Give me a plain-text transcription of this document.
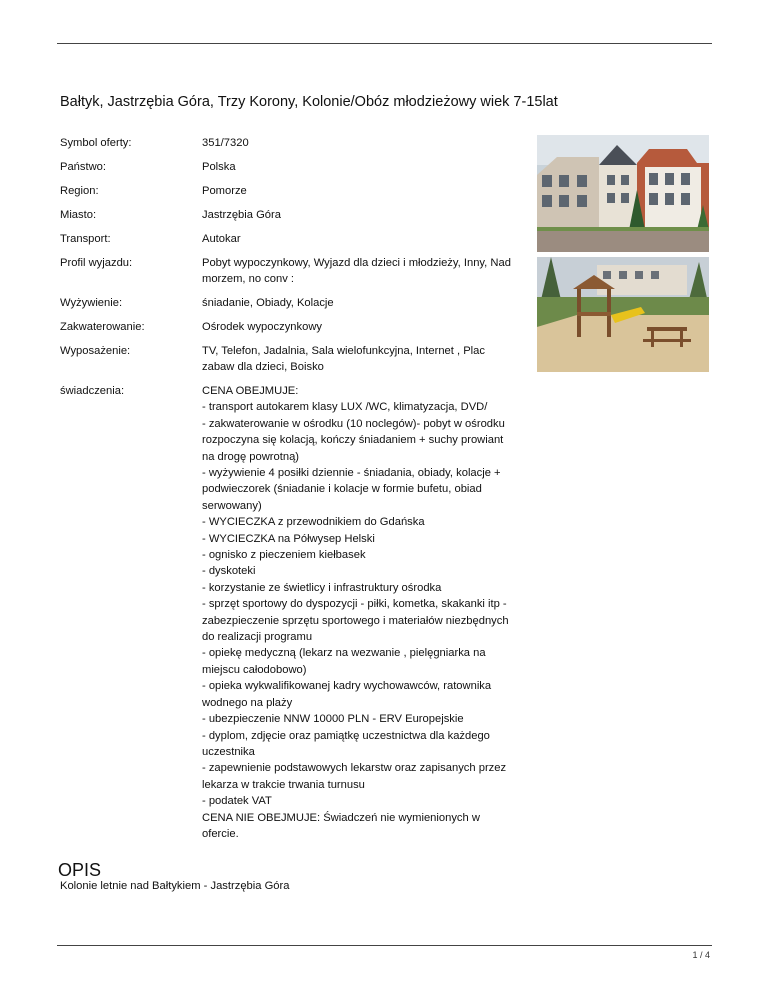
Bałtyk, Jastrzębia Góra, Trzy Korony, Kolonie/Obóz młodzieżowy wiek 7-15lat
Symbol oferty:	351/7320
Państwo:	Polska
Region:	Pomorze
Miasto:	Jastrzębia Góra
Transport:	Autokar
Profil wyjazdu:	Pobyt wypoczynkowy, Wyjazd dla dzieci i młodzieży, Inny, Nad
morzem, no conv :
Wyżywienie:	śniadanie, Obiady, Kolacje
Zakwaterowanie:	Ośrodek wypoczynkowy
Wyposażenie:	TV, Telefon, Jadalnia, Sala wielofunkcyjna, Internet , Plac
zabaw dla dzieci, Boisko
świadczenia:	CENA OBEJMUJE:
- transport autokarem klasy LUX /WC, klimatyzacja, DVD/
- zakwaterowanie w ośrodku (10 noclegów)- pobyt w ośrodku
rozpoczyna się kolacją, kończy śniadaniem + suchy prowiant
na drogę powrotną)
- wyżywienie 4 posiłki dziennie - śniadania, obiady, kolacje +
podwieczorek (śniadanie i kolacje w formie bufetu, obiad
serwowany)
- WYCIECZKA z przewodnikiem do Gdańska
- WYCIECZKA na Półwysep Helski
- ognisko z pieczeniem kiełbasek
- dyskoteki
- korzystanie ze świetlicy i infrastruktury ośrodka
- sprzęt sportowy do dyspozycji - piłki, kometka, skakanki itp -
zabezpieczenie sprzętu sportowego i materiałów niezbędnych
do realizacji programu
- opiekę medyczną (lekarz na wezwanie , pielęgniarka na
miejscu całodobowo)
- opieka wykwalifikowanej kadry wychowawców, ratownika
wodnego na plaży
- ubezpieczenie NNW 10000 PLN - ERV Europejskie
- dyplom, zdjęcie oraz pamiątkę uczestnictwa dla każdego
uczestnika
- zapewnienie podstawowych lekarstw oraz zapisanych przez
lekarza w trakcie trwania turnusu
- podatek VAT
CENA NIE OBEJMUJE: Świadczeń nie wymienionych w
ofercie.
OPIS
Kolonie letnie nad Bałtykiem - Jastrzębia Góra
1 / 4
